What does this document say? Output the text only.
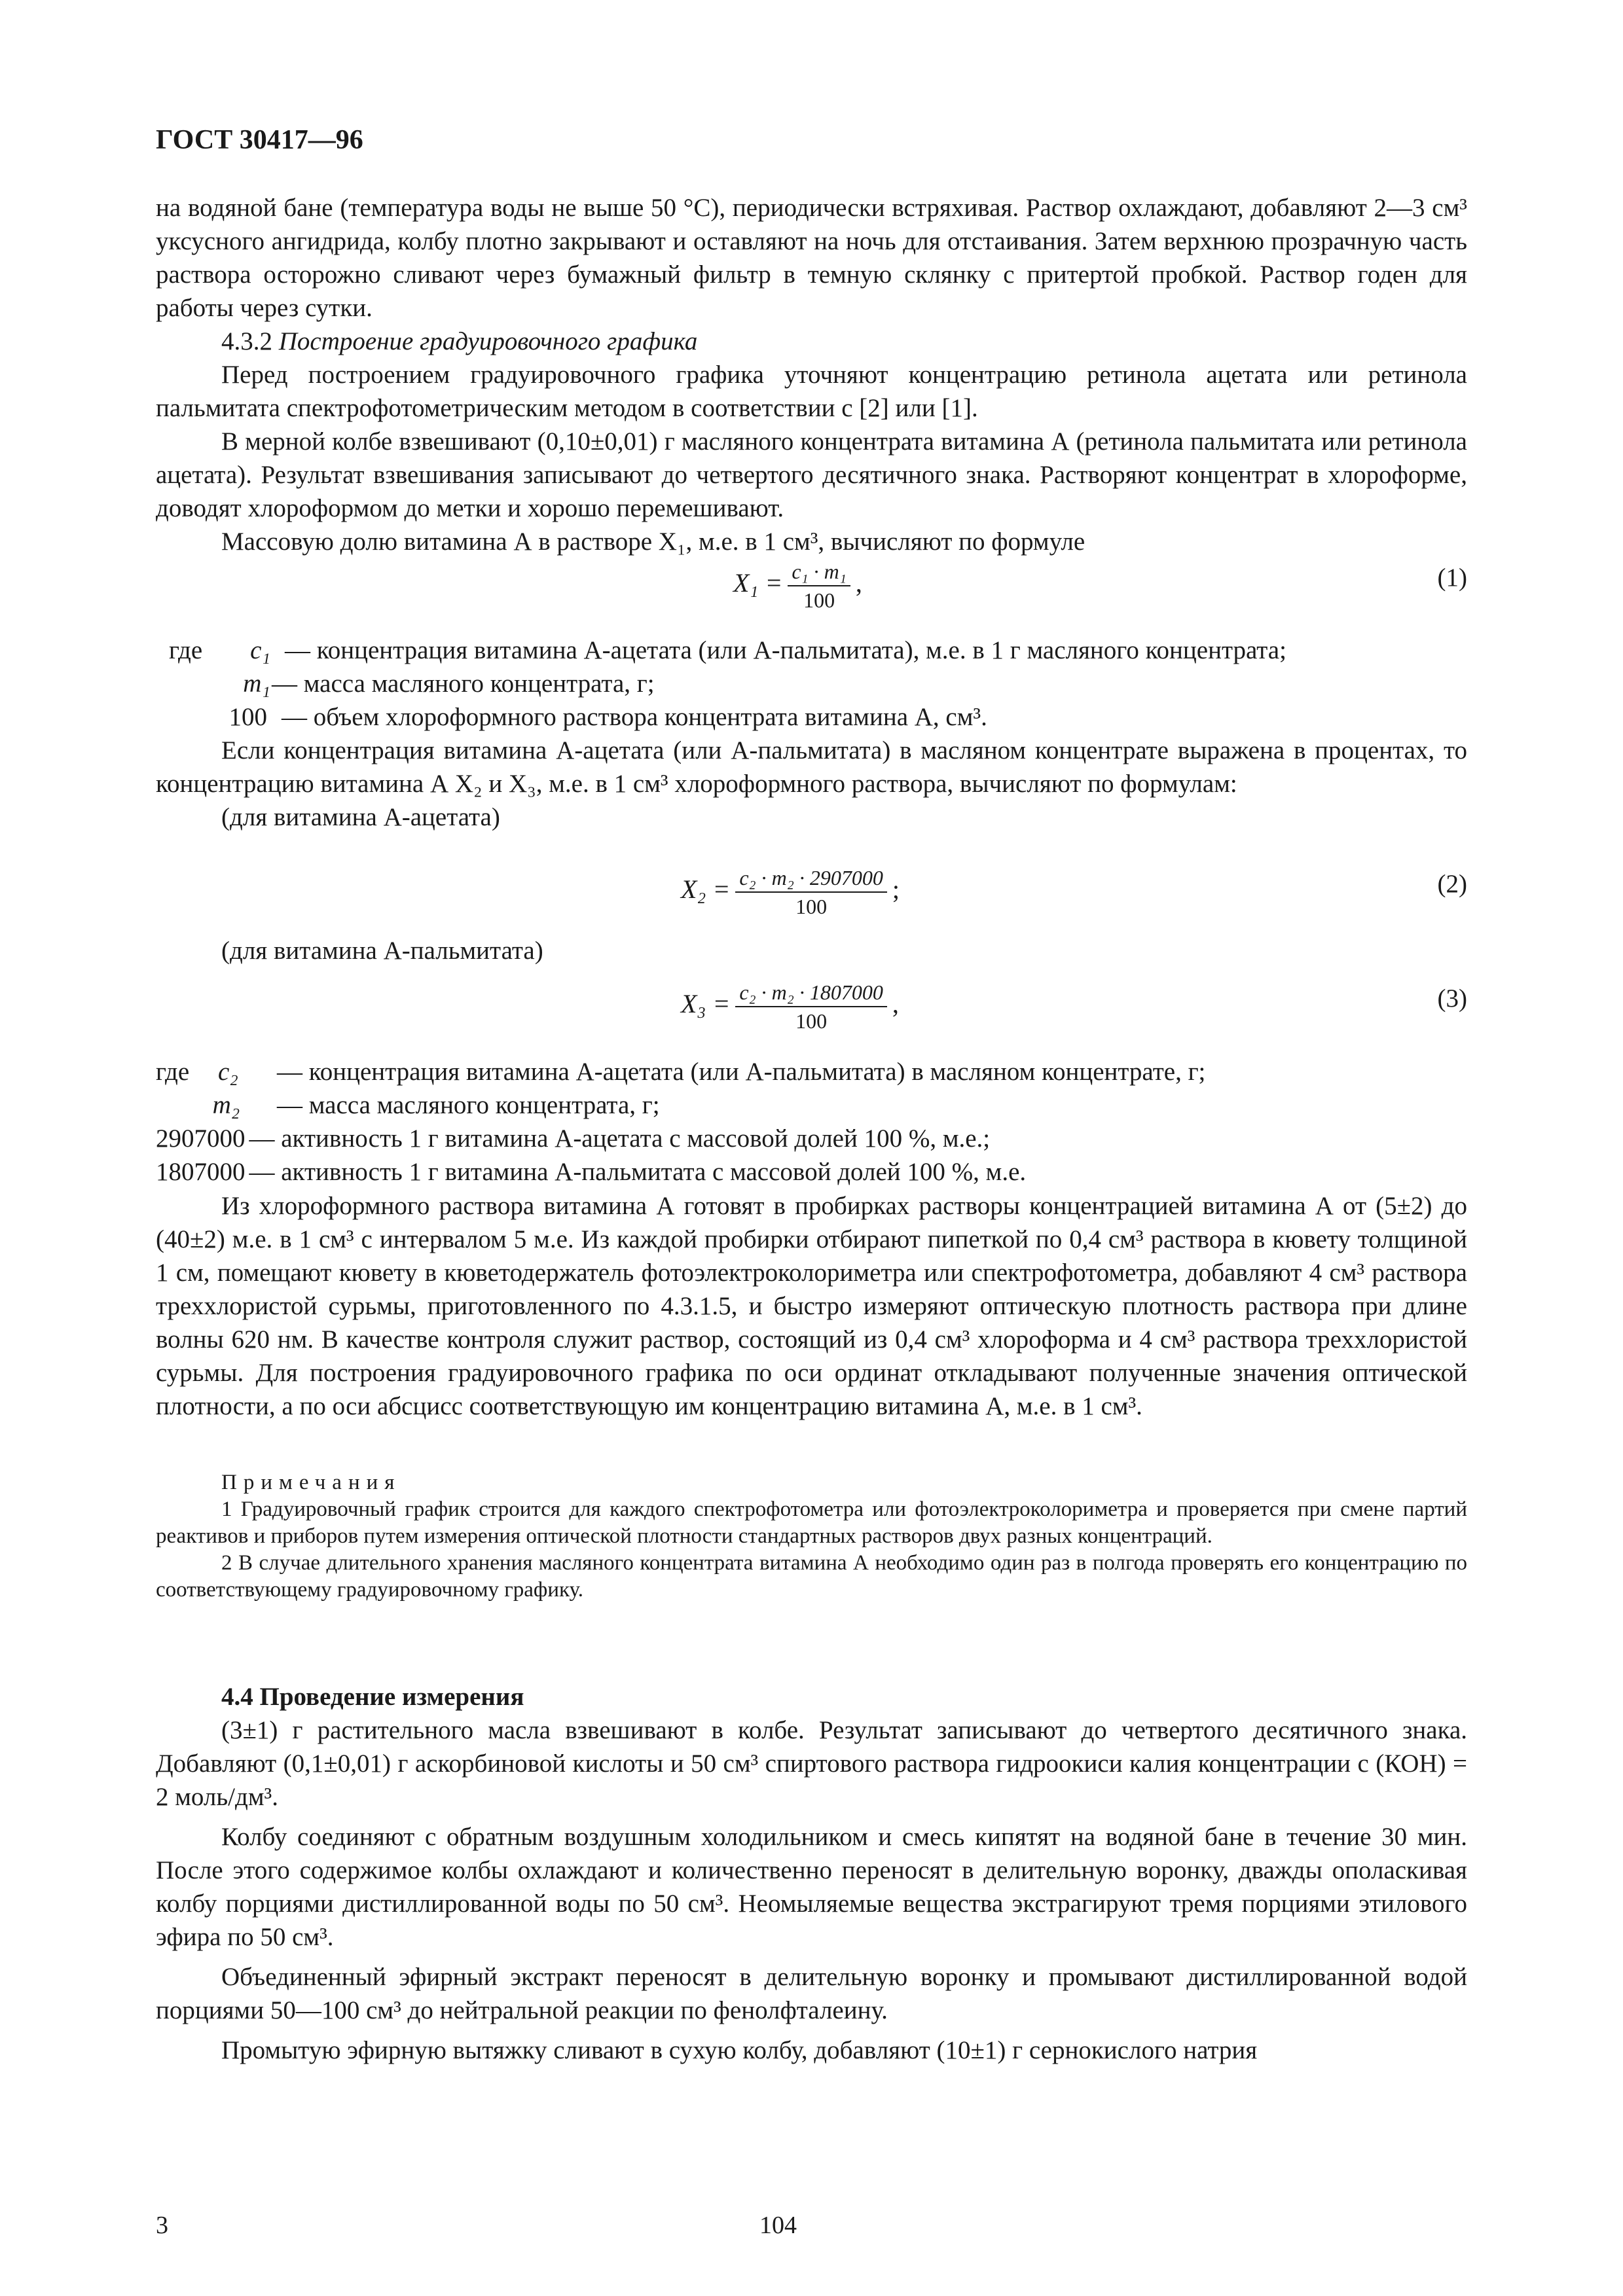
ГОСТ 30417—96

на водяной бане (температура воды не выше 50 °С), периодически встряхивая. Раствор охлаждают, добавляют 2—3 см³ уксусного ангидрида, колбу плотно закрывают и оставляют на ночь для отстаивания. Затем верхнюю прозрачную часть раствора осторожно сливают через бумажный фильтр в темную склянку с притертой пробкой. Раствор годен для работы через сутки.

4.3.2 Построение градуировочного графика

Перед построением градуировочного графика уточняют концентрацию ретинола ацетата или ретинола пальмитата спектрофотометрическим методом в соответствии с [2] или [1].

В мерной колбе взвешивают (0,10±0,01) г масляного концентрата витамина А (ретинола пальмитата или ретинола ацетата). Результат взвешивания записывают до четвертого десятичного знака. Растворяют концентрат в хлороформе, доводят хлороформом до метки и хорошо перемешивают.

Массовую долю витамина А в растворе X₁, м.е. в 1 см³, вычисляют по формуле

$X_1 = \frac{\text{c₁ · m₁}}{100}$ ,	(1)
где	c₁ — концентрация витамина А-ацетата (или А-пальмитата), м.е. в 1 г масляного концентрата;
m₁ — масса масляного концентрата, г;
100 — объем хлороформного раствора концентрата витамина А, см³.

Если концентрация витамина А-ацетата (или А-пальмитата) в масляном концентрате выражена в процентах, то концентрацию витамина А X₂ и X₃, м.е. в 1 см³ хлороформного раствора, вычисляют по формулам:

(для витамина А-ацетата)

$X_2 = \frac{\text{c₂ · m₂ · 2907000}}{100}$ ;	(2)

(для витамина А-пальмитата)

$X_3 = \frac{\text{c₂ · m₂ · 1807000}}{100}$ ,	(3)
где	c₂	— концентрация витамина А-ацетата (или А-пальмитата) в масляном концентрате, г;
m₂	— масса масляного концентрата, г;
2907000 — активность 1 г витамина А-ацетата с массовой долей 100 %, м.е.;
1807000 — активность 1 г витамина А-пальмитата с массовой долей 100 %, м.е.

Из хлороформного раствора витамина А готовят в пробирках растворы концентрацией витамина А от (5±2) до (40±2) м.е. в 1 см³ с интервалом 5 м.е. Из каждой пробирки отбирают пипеткой по 0,4 см³ раствора в кювету толщиной 1 см, помещают кювету в кюветодержатель фотоэлектроколориметра или спектрофотометра, добавляют 4 см³ раствора треххлористой сурьмы, приготовленного по 4.3.1.5, и быстро измеряют оптическую плотность раствора при длине волны 620 нм. В качестве контроля служит раствор, состоящий из 0,4 см³ хлороформа и 4 см³ раствора треххлористой сурьмы. Для построения градуировочного графика по оси ординат откладывают полученные значения оптической плотности, а по оси абсцисс соответствующую им концентрацию витамина А, м.е. в 1 см³.

Примечания

1 Градуировочный график строится для каждого спектрофотометра или фотоэлектроколориметра и проверяется при смене партий реактивов и приборов путем измерения оптической плотности стандартных растворов двух разных концентраций.

2 В случае длительного хранения масляного концентрата витамина А необходимо один раз в полгода проверять его концентрацию по соответствующему градуировочному графику.

4.4 Проведение измерения

(3±1) г растительного масла взвешивают в колбе. Результат записывают до четвертого десятичного знака. Добавляют (0,1±0,01) г аскорбиновой кислоты и 50 см³ спиртового раствора гидроокиси калия концентрации с (КОН) = 2 моль/дм³.

Колбу соединяют с обратным воздушным холодильником и смесь кипятят на водяной бане в течение 30 мин. После этого содержимое колбы охлаждают и количественно переносят в делительную воронку, дважды ополаскивая колбу порциями дистиллированной воды по 50 см³. Неомыляемые вещества экстрагируют тремя порциями этилового эфира по 50 см³.

Объединенный эфирный экстракт переносят в делительную воронку и промывают дистиллированной водой порциями 50—100 см³ до нейтральной реакции по фенолфталеину.

Промытую эфирную вытяжку сливают в сухую колбу, добавляют (10±1) г сернокислого натрия

3	104
